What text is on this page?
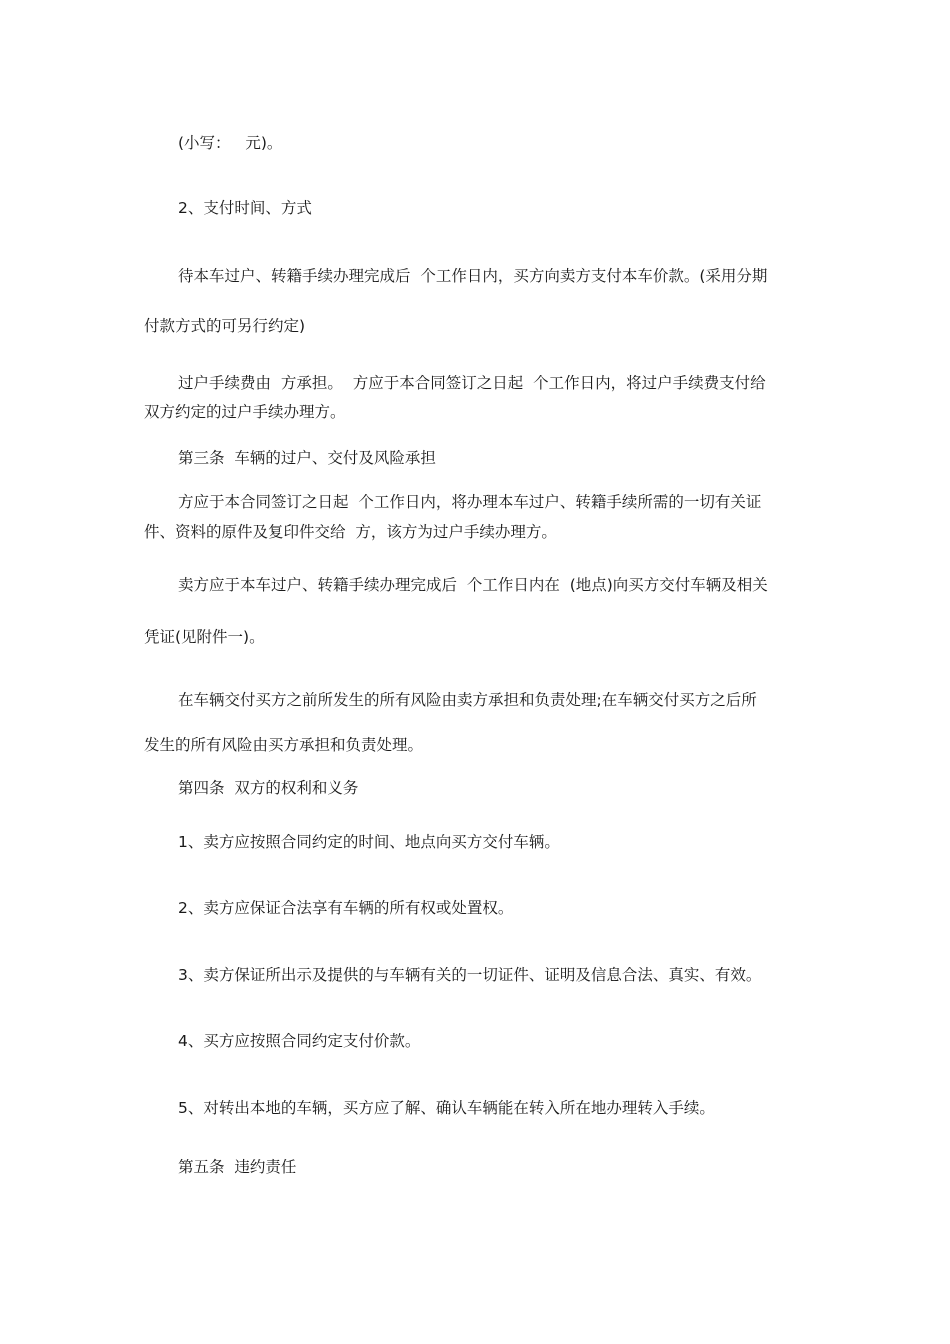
(小写：   元)。

2、支付时间、方式

待本车过户、转籍手续办理完成后  个工作日内，买方向卖方支付本车价款。(采用分期

付款方式的可另行约定)

过户手续费由  方承担。  方应于本合同签订之日起  个工作日内，将过户手续费支付给

双方约定的过户手续办理方。

第三条  车辆的过户、交付及风险承担

方应于本合同签订之日起  个工作日内，将办理本车过户、转籍手续所需的一切有关证

件、资料的原件及复印件交给  方，该方为过户手续办理方。

卖方应于本车过户、转籍手续办理完成后  个工作日内在  (地点)向买方交付车辆及相关

凭证(见附件一)。

在车辆交付买方之前所发生的所有风险由卖方承担和负责处理;在车辆交付买方之后所

发生的所有风险由买方承担和负责处理。

第四条  双方的权利和义务

1、卖方应按照合同约定的时间、地点向买方交付车辆。

2、卖方应保证合法享有车辆的所有权或处置权。

3、卖方保证所出示及提供的与车辆有关的一切证件、证明及信息合法、真实、有效。

4、买方应按照合同约定支付价款。

5、对转出本地的车辆，买方应了解、确认车辆能在转入所在地办理转入手续。

第五条  违约责任
